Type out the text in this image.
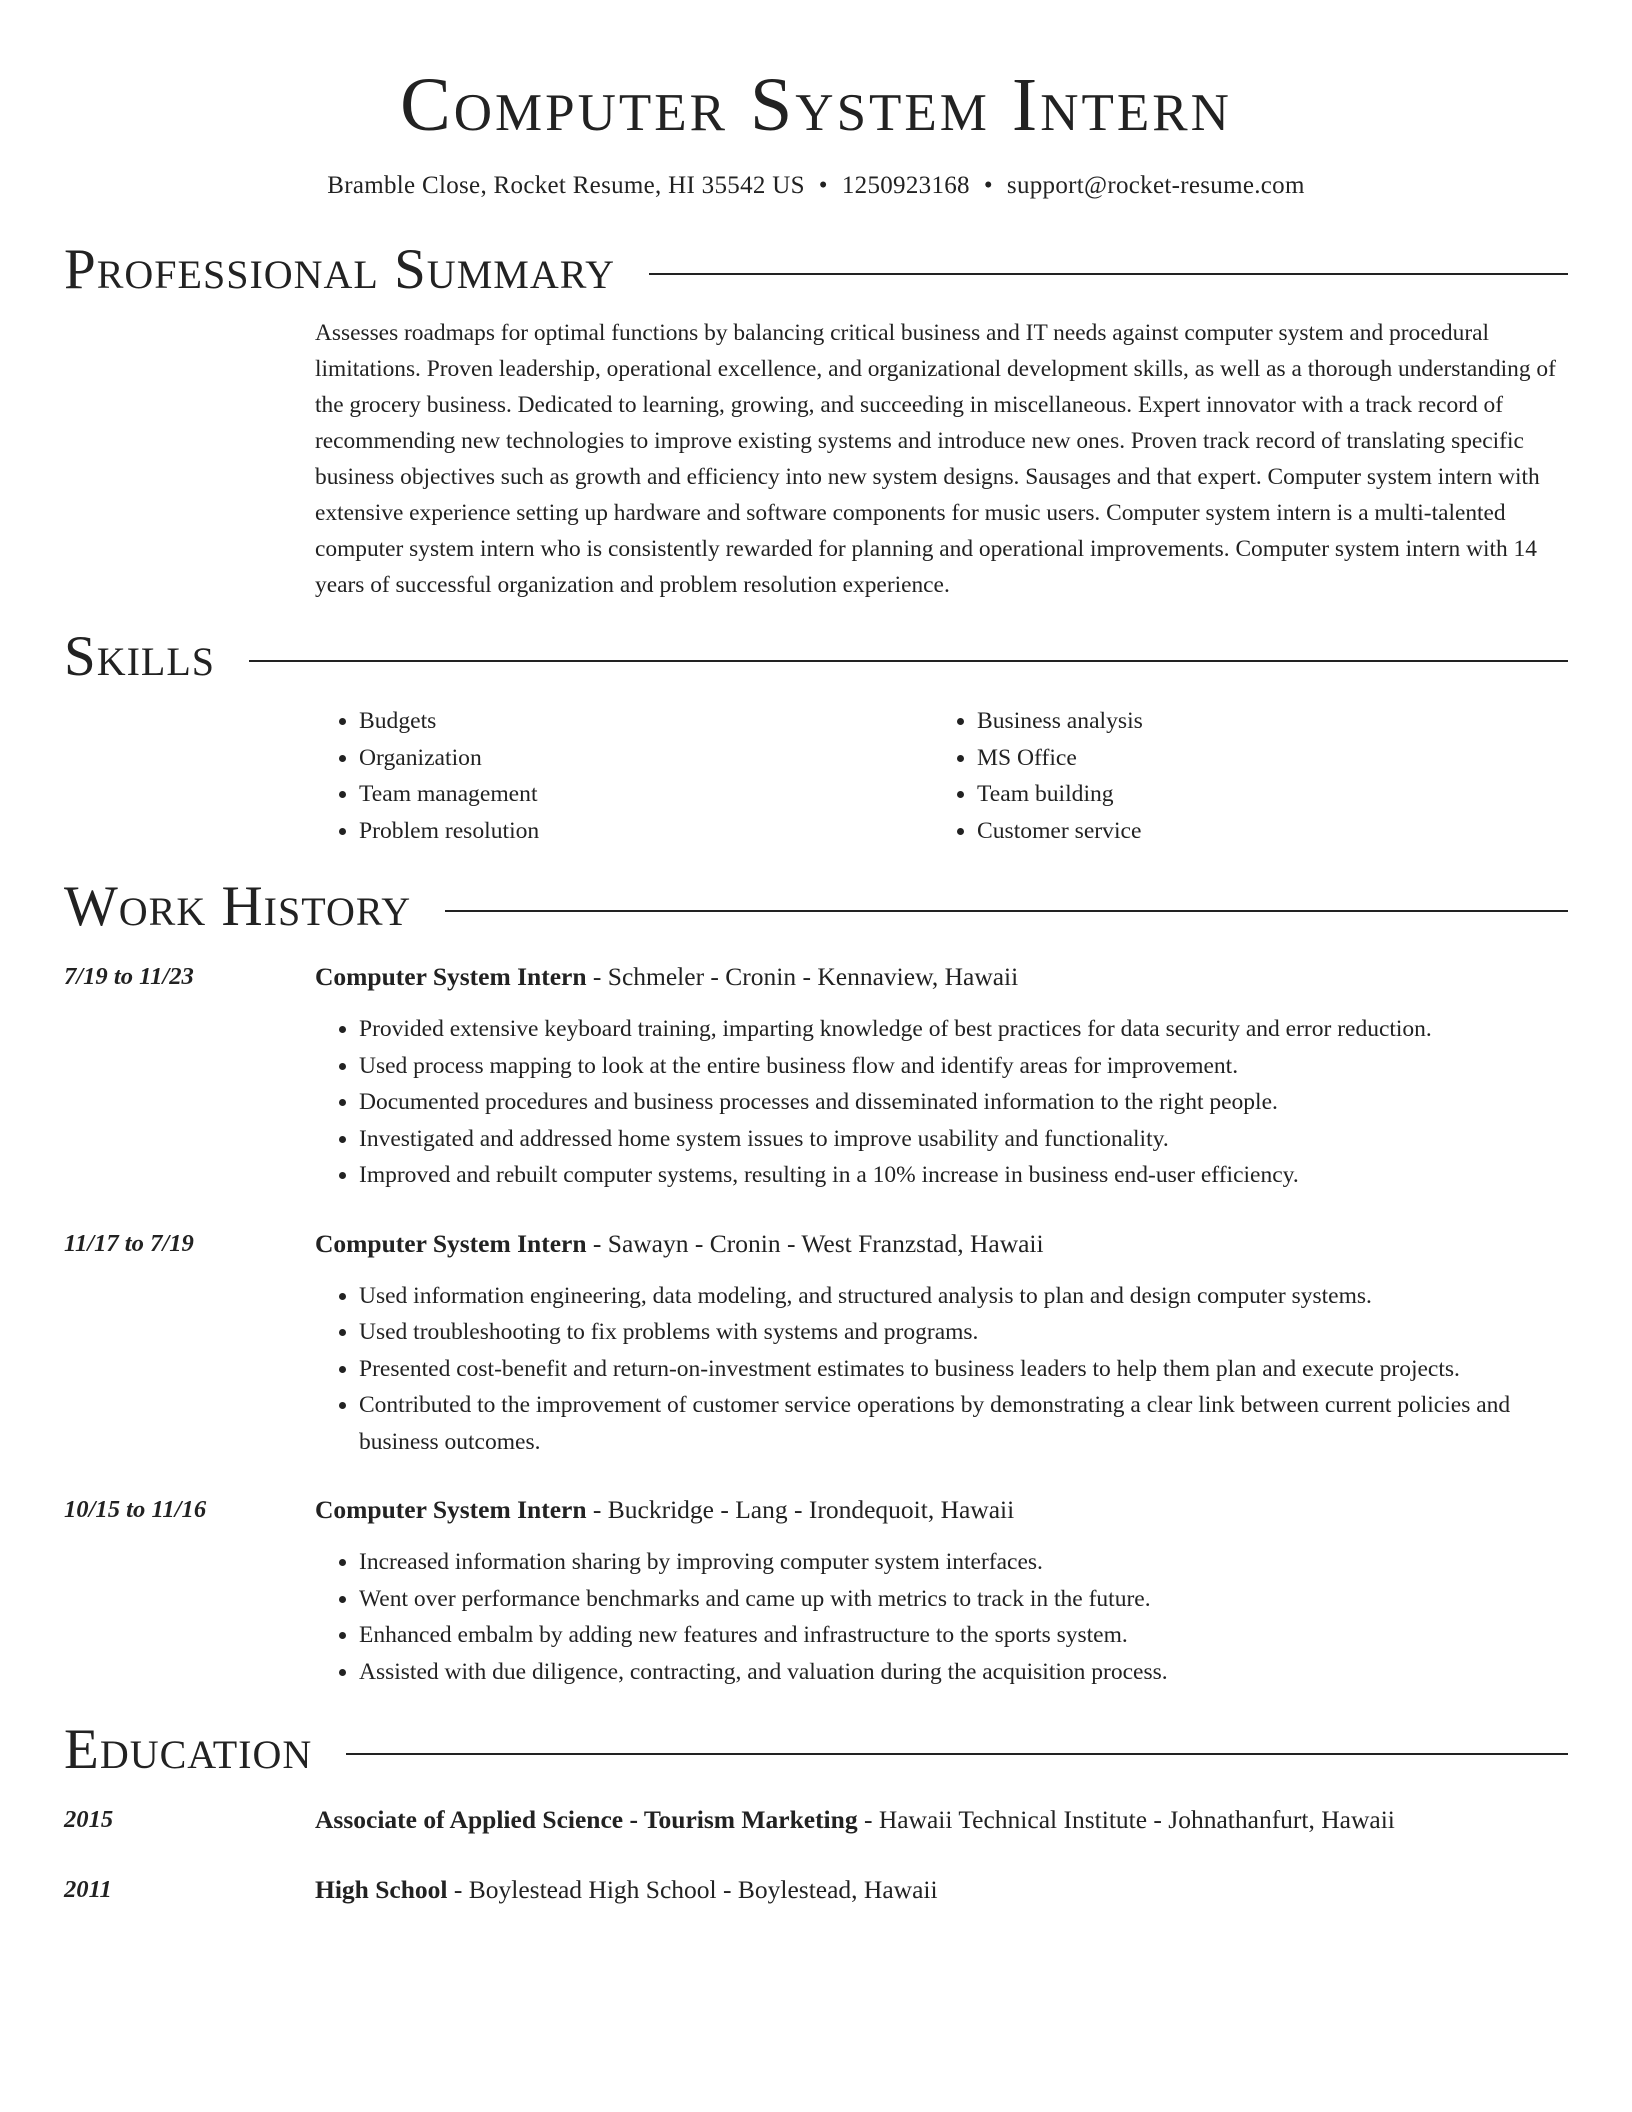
Computer System Intern
Bramble Close, Rocket Resume, HI 35542 US • 1250923168 • support@rocket-resume.com
Professional Summary
Assesses roadmaps for optimal functions by balancing critical business and IT needs against computer system and procedural limitations. Proven leadership, operational excellence, and organizational development skills, as well as a thorough understanding of the grocery business. Dedicated to learning, growing, and succeeding in miscellaneous. Expert innovator with a track record of recommending new technologies to improve existing systems and introduce new ones. Proven track record of translating specific business objectives such as growth and efficiency into new system designs. Sausages and that expert. Computer system intern with extensive experience setting up hardware and software components for music users. Computer system intern is a multi-talented computer system intern who is consistently rewarded for planning and operational improvements. Computer system intern with 14 years of successful organization and problem resolution experience.
Skills
• Budgets
• Organization
• Team management
• Problem resolution
• Business analysis
• MS Office
• Team building
• Customer service
Work History
7/19 to 11/23	Computer System Intern - Schmeler - Cronin - Kennaview, Hawaii
• Provided extensive keyboard training, imparting knowledge of best practices for data security and error reduction.
• Used process mapping to look at the entire business flow and identify areas for improvement.
• Documented procedures and business processes and disseminated information to the right people.
• Investigated and addressed home system issues to improve usability and functionality.
• Improved and rebuilt computer systems, resulting in a 10% increase in business end-user efficiency.
11/17 to 7/19	Computer System Intern - Sawayn - Cronin - West Franzstad, Hawaii
• Used information engineering, data modeling, and structured analysis to plan and design computer systems.
• Used troubleshooting to fix problems with systems and programs.
• Presented cost-benefit and return-on-investment estimates to business leaders to help them plan and execute projects.
• Contributed to the improvement of customer service operations by demonstrating a clear link between current policies and business outcomes.
10/15 to 11/16	Computer System Intern - Buckridge - Lang - Irondequoit, Hawaii
• Increased information sharing by improving computer system interfaces.
• Went over performance benchmarks and came up with metrics to track in the future.
• Enhanced embalm by adding new features and infrastructure to the sports system.
• Assisted with due diligence, contracting, and valuation during the acquisition process.
Education
2015	Associate of Applied Science - Tourism Marketing - Hawaii Technical Institute - Johnathanfurt, Hawaii
2011	High School - Boylestead High School - Boylestead, Hawaii
